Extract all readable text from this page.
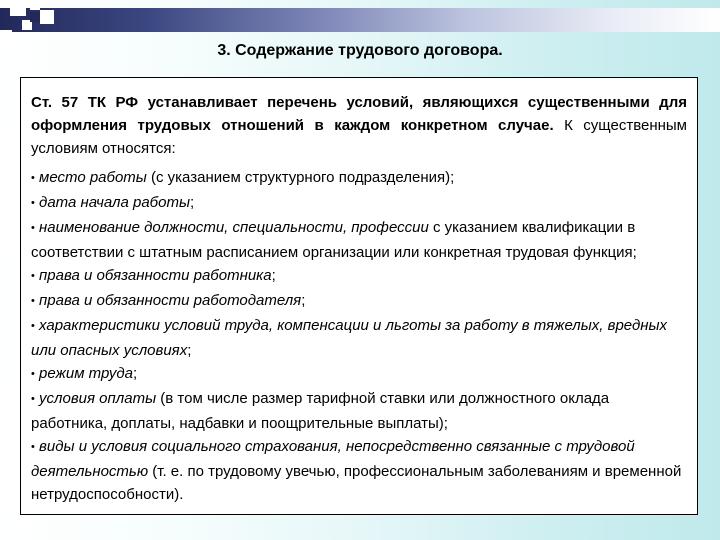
3. Содержание трудового договора.

Ст. 57 ТК РФ устанавливает перечень условий, являющихся существенными для оформления трудовых отношений в каждом конкретном случае. К существенным условиям относятся:

• место работы (с указанием структурного подразделения);

• дата начала работы;

• наименование должности, специальности, профессии с указанием квалификации в соответствии с штатным расписанием организации или конкретная трудовая функция;

• права и обязанности работника;

• права и обязанности работодателя;

• характеристики условий труда, компенсации и льготы за работу в тяжелых, вредных или опасных условиях;

• режим труда;

• условия оплаты (в том числе размер тарифной ставки или должностного оклада работника, доплаты, надбавки и поощрительные выплаты);

• виды и условия социального страхования, непосредственно связанные с трудовой деятельностью (т. е. по трудовому увечью, профессиональным заболеваниям и временной нетрудоспособности).
